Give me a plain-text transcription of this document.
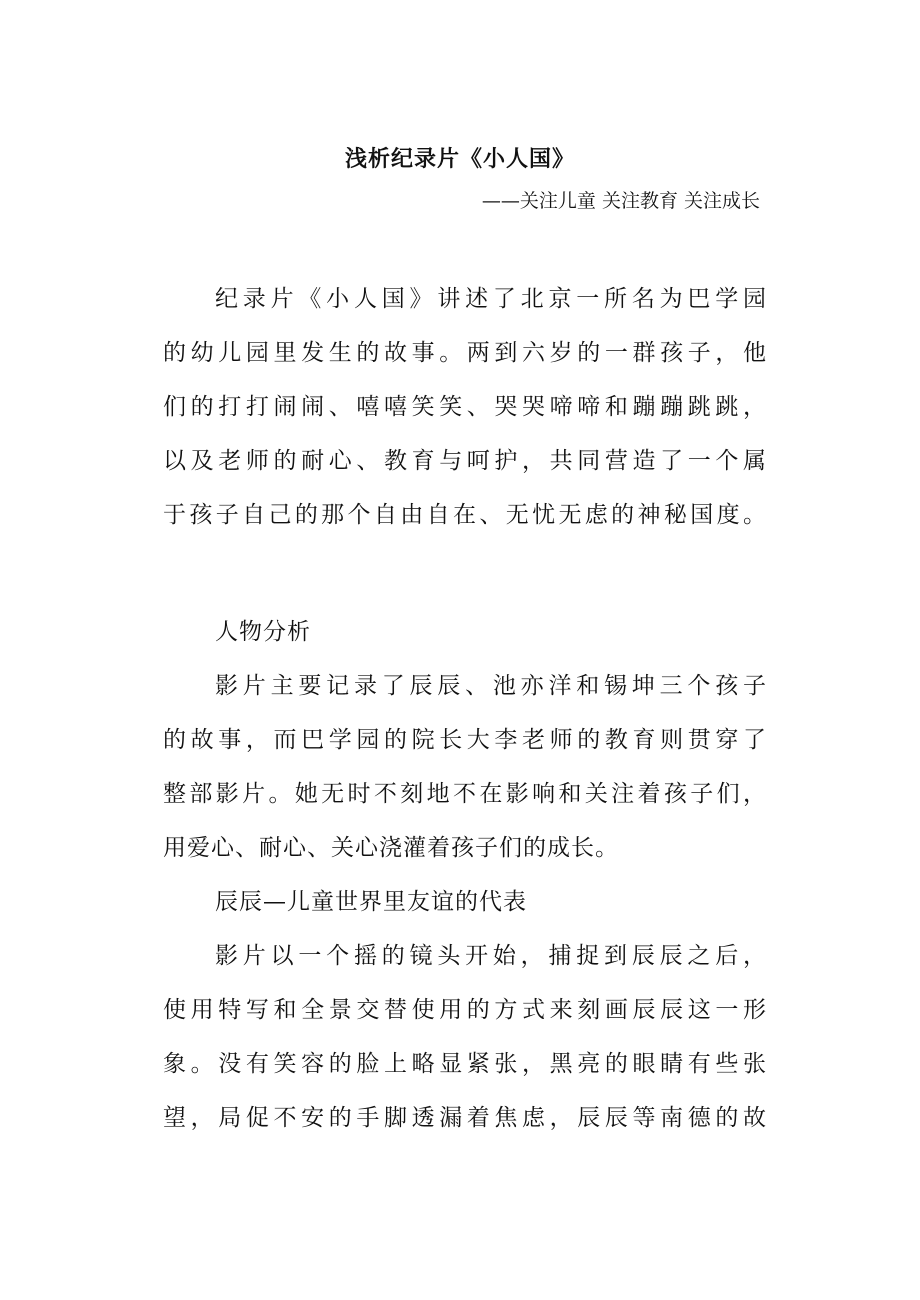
浅析纪录片《小人国》

——关注儿童 关注教育 关注成长

纪录片《小人国》讲述了北京一所名为巴学园
的幼儿园里发生的故事。两到六岁的一群孩子，他
们的打打闹闹、嘻嘻笑笑、哭哭啼啼和蹦蹦跳跳，
以及老师的耐心、教育与呵护，共同营造了一个属
于孩子自己的那个自由自在、无忧无虑的神秘国度。
人物分析
影片主要记录了辰辰、池亦洋和锡坤三个孩子
的故事，而巴学园的院长大李老师的教育则贯穿了
整部影片。她无时不刻地不在影响和关注着孩子们，
用爱心、耐心、关心浇灌着孩子们的成长。
辰辰—儿童世界里友谊的代表
影片以一个摇的镜头开始，捕捉到辰辰之后，
使用特写和全景交替使用的方式来刻画辰辰这一形
象。没有笑容的脸上略显紧张，黑亮的眼睛有些张
望，局促不安的手脚透漏着焦虑，辰辰等南德的故
